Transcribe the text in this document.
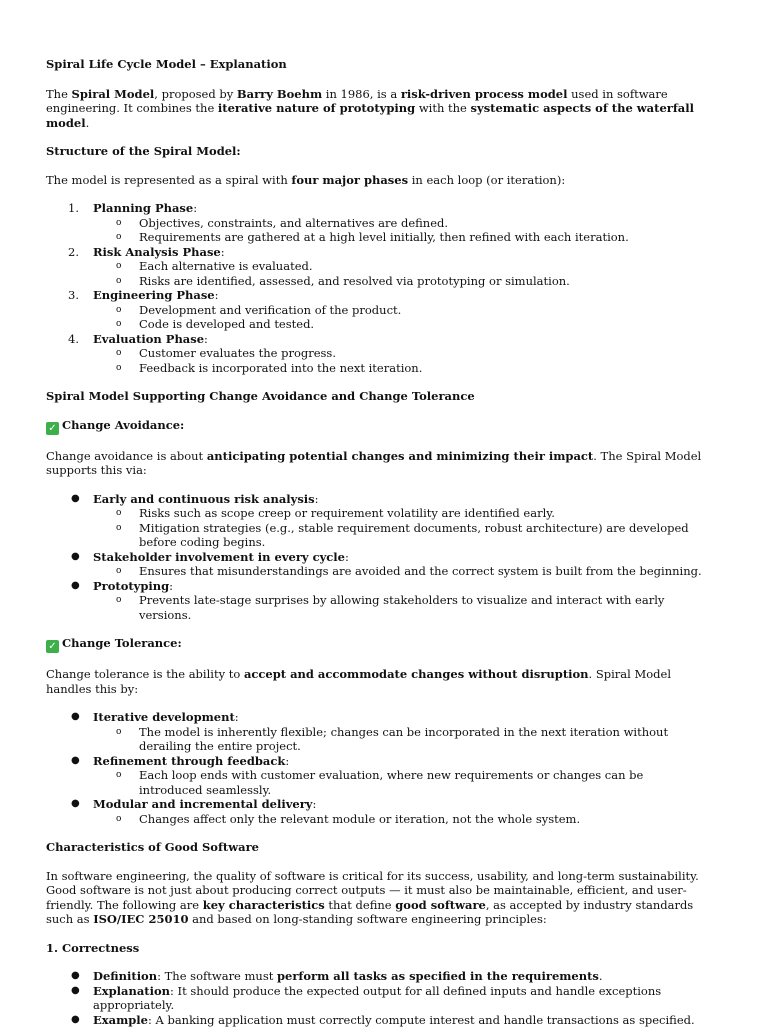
Spiral Life Cycle Model – Explanation

The Spiral Model, proposed by Barry Boehm in 1986, is a risk-driven process model used in software engineering. It combines the iterative nature of prototyping with the systematic aspects of the waterfall model.

Structure of the Spiral Model:

The model is represented as a spiral with four major phases in each loop (or iteration):

1. Planning Phase:
o Objectives, constraints, and alternatives are defined.
o Requirements are gathered at a high level initially, then refined with each iteration.
2. Risk Analysis Phase:
o Each alternative is evaluated.
o Risks are identified, assessed, and resolved via prototyping or simulation.
3. Engineering Phase:
o Development and verification of the product.
o Code is developed and tested.
4. Evaluation Phase:
o Customer evaluates the progress.
o Feedback is incorporated into the next iteration.

Spiral Model Supporting Change Avoidance and Change Tolerance

✓ Change Avoidance:

Change avoidance is about anticipating potential changes and minimizing their impact. The Spiral Model supports this via:

● Early and continuous risk analysis:
o Risks such as scope creep or requirement volatility are identified early.
o Mitigation strategies (e.g., stable requirement documents, robust architecture) are developed before coding begins.
● Stakeholder involvement in every cycle:
o Ensures that misunderstandings are avoided and the correct system is built from the beginning.
● Prototyping:
o Prevents late-stage surprises by allowing stakeholders to visualize and interact with early versions.

✓ Change Tolerance:

Change tolerance is the ability to accept and accommodate changes without disruption. Spiral Model handles this by:

● Iterative development:
o The model is inherently flexible; changes can be incorporated in the next iteration without derailing the entire project.
● Refinement through feedback:
o Each loop ends with customer evaluation, where new requirements or changes can be introduced seamlessly.
● Modular and incremental delivery:
o Changes affect only the relevant module or iteration, not the whole system.

Characteristics of Good Software

In software engineering, the quality of software is critical for its success, usability, and long-term sustainability. Good software is not just about producing correct outputs — it must also be maintainable, efficient, and user-friendly. The following are key characteristics that define good software, as accepted by industry standards such as ISO/IEC 25010 and based on long-standing software engineering principles:

1. Correctness

● Definition: The software must perform all tasks as specified in the requirements.
● Explanation: It should produce the expected output for all defined inputs and handle exceptions appropriately.
● Example: A banking application must correctly compute interest and handle transactions as specified.
